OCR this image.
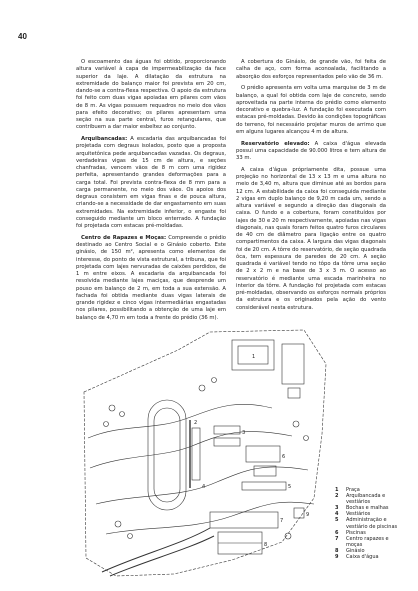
40

O escoamento das águas foi obtido, proporcionando altura variável à capa de impermeabilização da face superior da laje. A dilatação da estrutura na extremidade do balanço maior foi prevista em 20 cm, dando-se a contra-flexa respectiva. O apoio da estrutura foi feito com duas vigas apoiadas em pilares com vãos de 8 m. As vigas possuem requadros no meio dos vãos para efeito decorativo; os pilares apresentam uma seção na sua parte central, furos retangulares, que contribuem a dar maior esbeltez ao conjunto.

Arquibancadas: A escadaria das arquibancadas foi projetada com degraus isolados, posto que a proposta arquitetônica pede arquibancadas vazadas. Os degraus, verdadeiras vigas de 15 cm de altura, e seções chanfradas, vencem vãos de 8 m com uma rigidez perfeita, apresentando grandes deformações para a carga total. Foi prevista contra-flexa de 8 mm para a carga permanente, no meio dos vãos. Os apoios dos degraus consistem em vigas finas e de pouca altura, criando-se a necessidade de dar engastamento em suas extremidades. Na extremidade inferior, o engaste foi conseguido mediante um bloco enterrado. A fundação foi projetada com estacas pré-moldadas.

Centro de Rapazes e Moças: Compreende o prédio destinado ao Centro Social e o Ginásio coberto. Este ginásio, de 150 m², apresenta como elementos de interesse, do ponto de vista estrutural, a tribuna, que foi projetada com lajes nervuradas de caixões perdidos, de 1 m entre eixos. A escadaria da arquibancada foi resolvida mediante lajes maciças, que desprende um pouso em balanço de 2 m, em toda a sua extensão. A fachada foi obtida mediante duas vigas laterais de grande rigidez e cinco vigas intermediárias engastadas nos pilares, possibilitando a obtenção de uma laje em balanço de 4,70 m em toda a frente do prédio (36 m).

A cobertura do Ginásio, de grande vão, foi feita de calha de aço, com forma aconoalada, facilitando a absorção dos esforços representados pelo vão de 36 m.

O prédio apresenta em volta uma marquise de 3 m de balanço, a qual foi obtida com laje de concreto, sendo aproveitada na parte interna do prédio como elemento decorativo e quebra-luz. A fundação foi executada com estacas pré-moldadas. Devido às condições topográficas do terreno, foi necessário projetar muros de arrimo que em alguns lugares alcançou 4 m de altura.

Reservatório elevado: A caixa d'água elevada possui uma capacidade de 90.000 litros e tem altura de 33 m.

A caixa d'água própriamente dita, possue uma projeção no horizontal de 13 x 13 m e uma altura no meio de 3,40 m, altura que diminue até as bordos para 12 cm. A estabilidade da caixa foi conseguida mediante 2 vigas em duplo balanço de 9,20 m cada um, sendo a altura variável e segundo a direção das diagonais da caixa. O fundo e a cobertura, foram constituídos por lajes de 30 e 20 m respectivamente, apoiadas nas vigas diagonais, nas quais foram feitos quatro furos circulares de 40 cm de diâmetro para ligação entre os quatro compartimentos da caixa. A largura das vigas diagonais foi de 20 cm. A tôrre do reservatório, de seção quadrada ôca, tem espessura de paredes de 20 cm. A seção quadrada é variável tendo no tôpo da tôrre uma seção de 2 x 2 m e na base de 3 x 3 m. O acesso ao reservatório é mediante uma escada marinheira no interior da tôrre. A fundação foi projetada com estacas pré-moldadas, observando os esforços normais próprios da estrutura e os originados pela ação do vento considerável nesta estrutura.

1
2
3
4	5
6
7
8
9
1	Praça
2	Arquibancada e vestiários
3	Bochas e malhas
4	Vestiários
5	Administração e vestiário de piscinas
6	Piscinas
7	Centro rapazes e moças
8	Ginásio
9	Caixa d'água
